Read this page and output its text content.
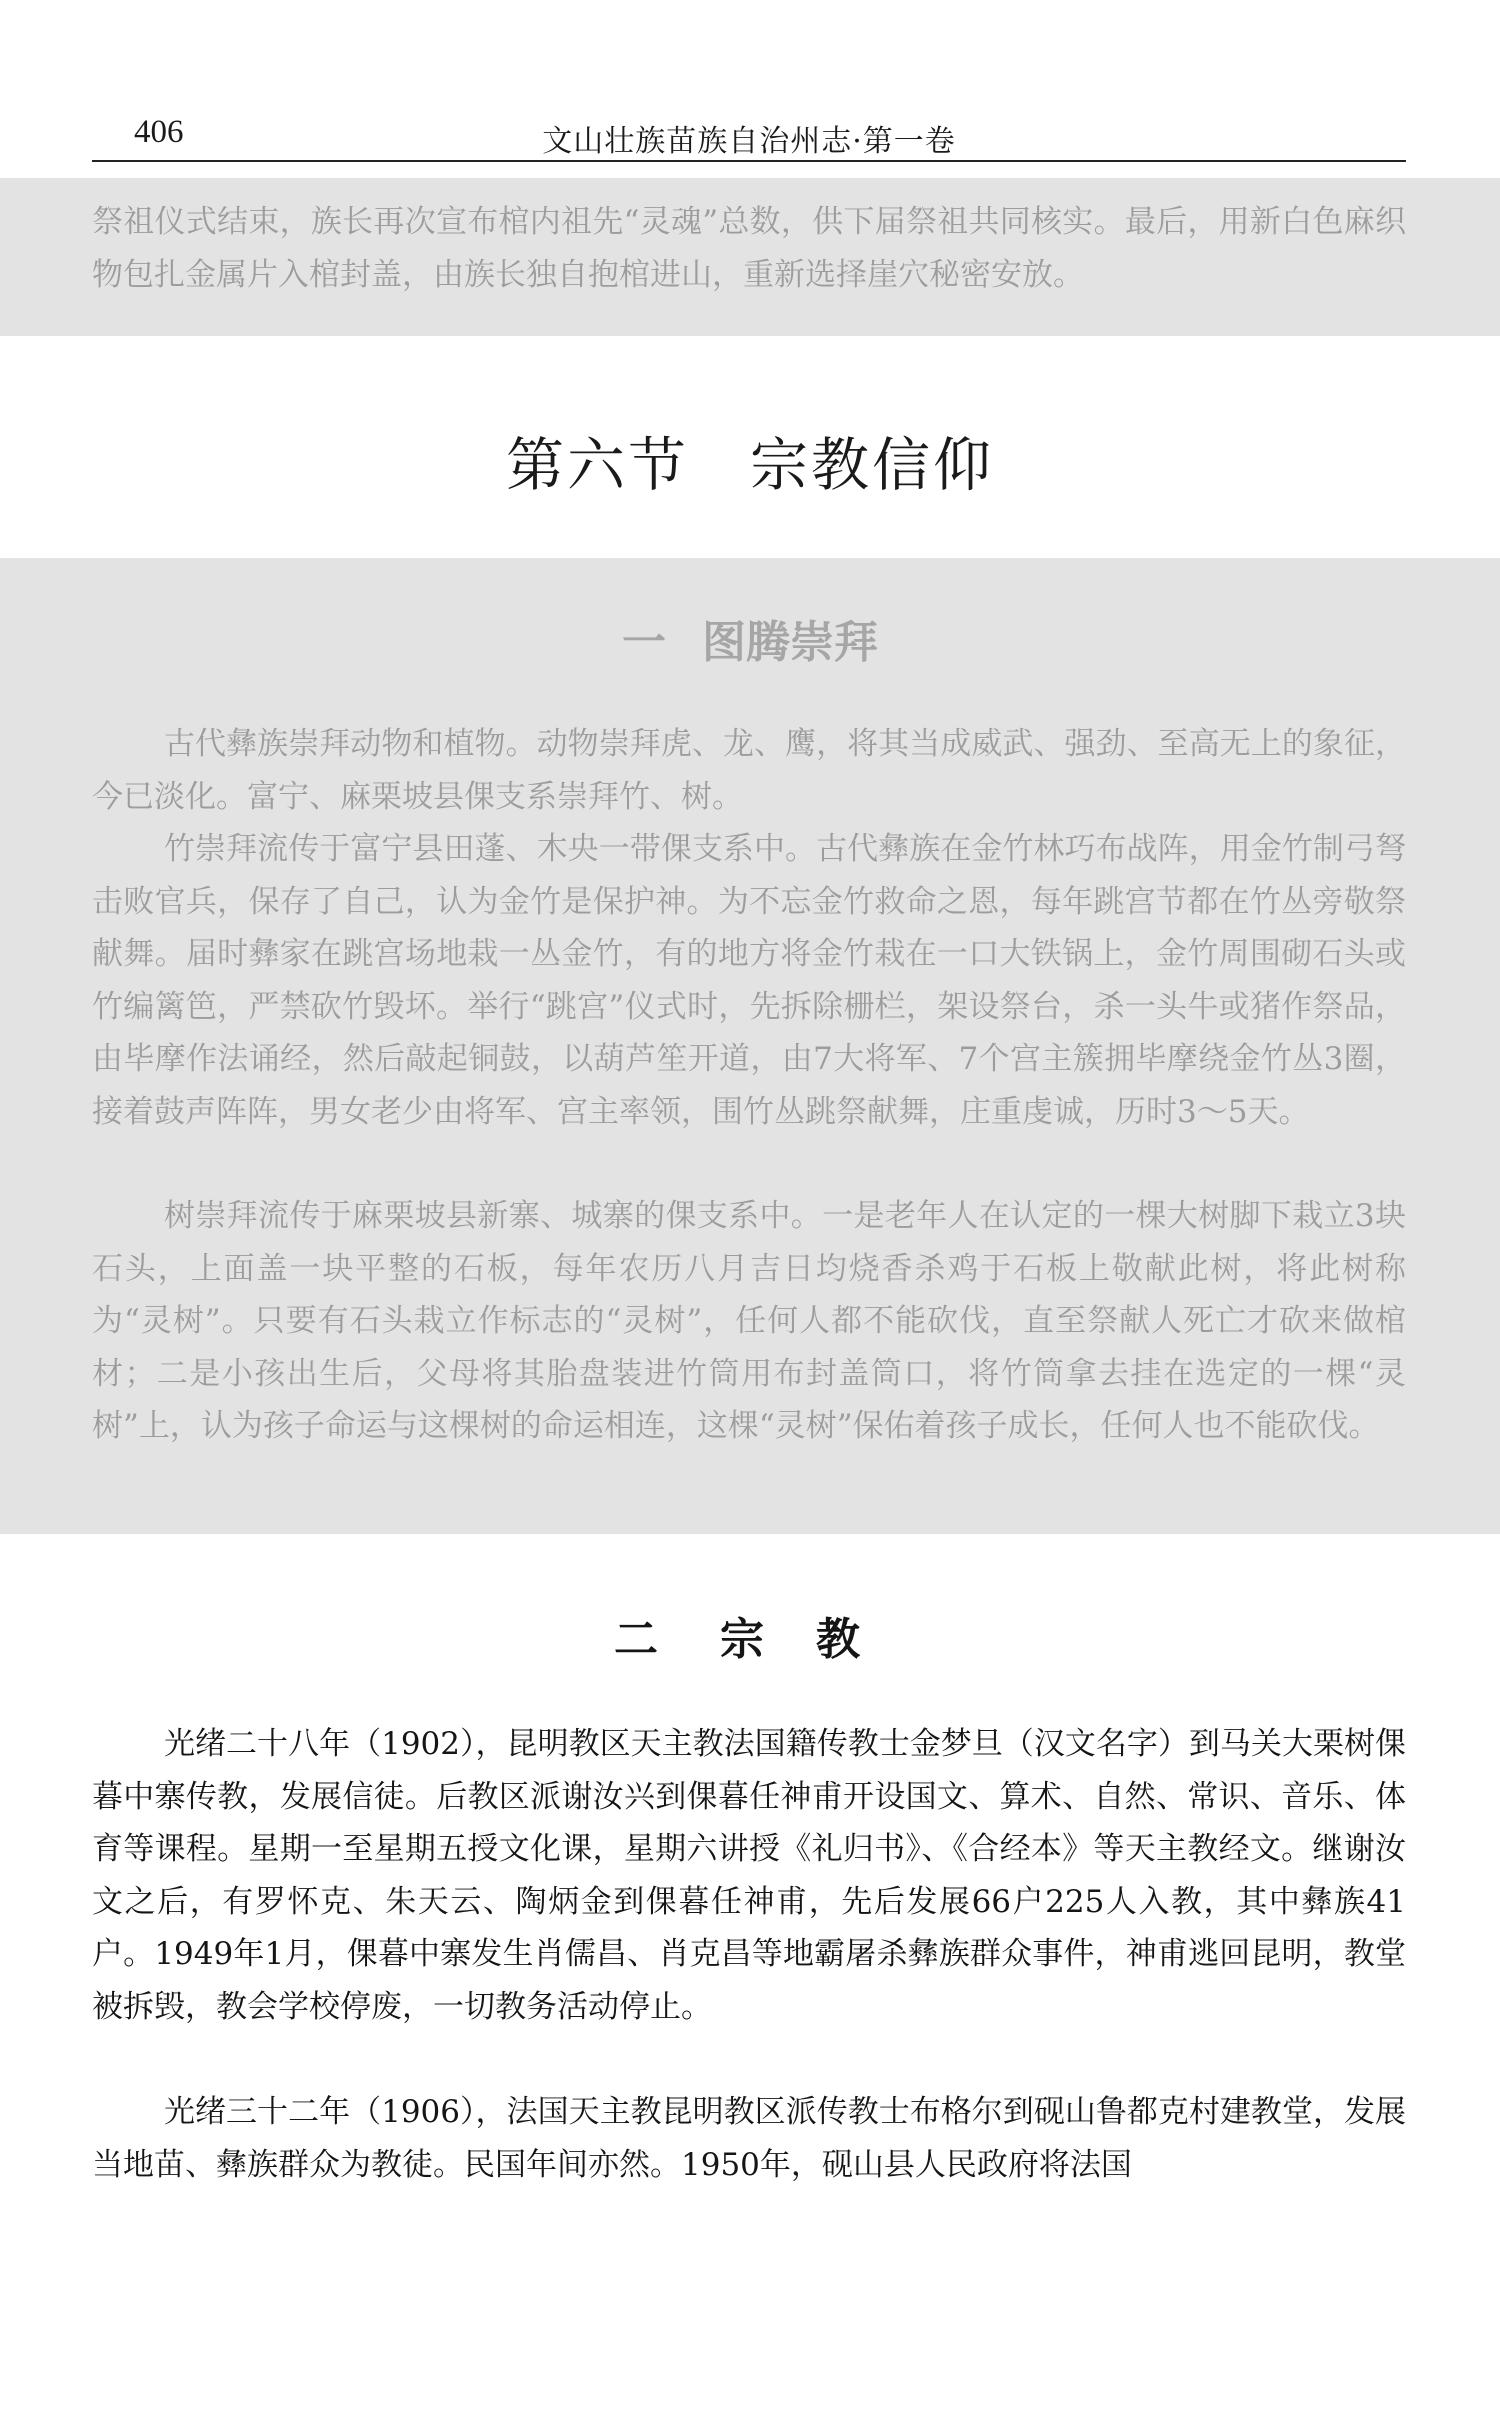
406	文山壮族苗族自治州志·第一卷

祭祖仪式结束，族长再次宣布棺内祖先“灵魂”总数，供下届祭祖共同核实。最后，用新白色麻织物包扎金属片入棺封盖，由族长独自抱棺进山，重新选择崖穴秘密安放。

第六节　宗教信仰
一 图腾崇拜

古代彝族崇拜动物和植物。动物崇拜虎、龙、鹰，将其当成威武、强劲、至高无上的象征，今已淡化。富宁、麻栗坡县倮支系崇拜竹、树。

竹崇拜流传于富宁县田蓬、木央一带倮支系中。古代彝族在金竹林巧布战阵，用金竹制弓弩击败官兵，保存了自己，认为金竹是保护神。为不忘金竹救命之恩，每年跳宫节都在竹丛旁敬祭献舞。届时彝家在跳宫场地栽一丛金竹，有的地方将金竹栽在一口大铁锅上，金竹周围砌石头或竹编篱笆，严禁砍竹毁坏。举行“跳宫”仪式时，先拆除栅栏，架设祭台，杀一头牛或猪作祭品，由毕摩作法诵经，然后敲起铜鼓，以葫芦笙开道，由7大将军、7个宫主簇拥毕摩绕金竹丛3圈，接着鼓声阵阵，男女老少由将军、宫主率领，围竹丛跳祭献舞，庄重虔诚，历时3～5天。

树崇拜流传于麻栗坡县新寨、城寨的倮支系中。一是老年人在认定的一棵大树脚下栽立3块石头，上面盖一块平整的石板，每年农历八月吉日均烧香杀鸡于石板上敬献此树，将此树称为“灵树”。只要有石头栽立作标志的“灵树”，任何人都不能砍伐，直至祭献人死亡才砍来做棺材；二是小孩出生后，父母将其胎盘装进竹筒用布封盖筒口，将竹筒拿去挂在选定的一棵“灵树”上，认为孩子命运与这棵树的命运相连，这棵“灵树”保佑着孩子成长，任何人也不能砍伐。

二 宗 教

光绪二十八年（1902），昆明教区天主教法国籍传教士金梦旦（汉文名字）到马关大栗树倮暮中寨传教，发展信徒。后教区派谢汝兴到倮暮任神甫开设国文、算术、自然、常识、音乐、体育等课程。星期一至星期五授文化课，星期六讲授《礼归书》、《合经本》等天主教经文。继谢汝文之后，有罗怀克、朱天云、陶炳金到倮暮任神甫，先后发展66户225人入教，其中彝族41户。1949年1月，倮暮中寨发生肖儒昌、肖克昌等地霸屠杀彝族群众事件，神甫逃回昆明，教堂被拆毁，教会学校停废，一切教务活动停止。

光绪三十二年（1906），法国天主教昆明教区派传教士布格尔到砚山鲁都克村建教堂，发展当地苗、彝族群众为教徒。民国年间亦然。1950年，砚山县人民政府将法国
